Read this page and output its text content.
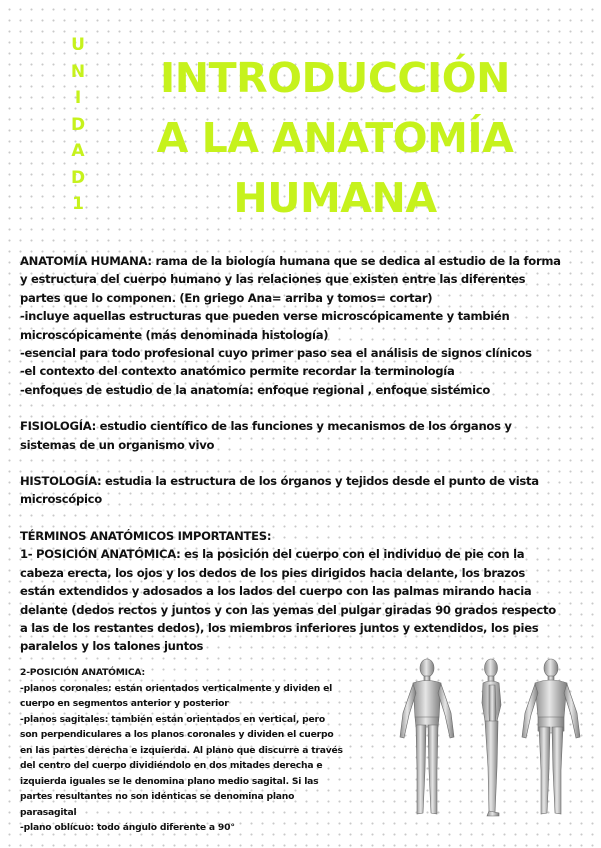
U
N
I
D
A
D
1
INTRODUCCIÓN
A LA ANATOMÍA
HUMANA

ANATOMÍA HUMANA: rama de la biología humana que se dedica al estudio de la forma

y estructura del cuerpo humano y las relaciones que existen entre las diferentes

partes que lo componen. (En griego Ana= arriba y tomos= cortar)

-incluye aquellas estructuras que pueden verse microscópicamente y también

microscópicamente (más denominada histología)

-esencial para todo profesional cuyo primer paso sea el análisis de signos clínicos

-el contexto del contexto anatómico permite recordar la terminología

-enfoques de estudio de la anatomía: enfoque regional , enfoque sistémico

FISIOLOGÍA: estudio científico de las funciones y mecanismos de los órganos y

sistemas de un organismo vivo

HISTOLOGÍA: estudia la estructura de los órganos y tejidos desde el punto de vista

microscópico

TÉRMINOS ANATÓMICOS IMPORTANTES:

1- POSICIÓN ANATÓMICA: es la posición del cuerpo con el individuo de pie con la

cabeza erecta, los ojos y los dedos de los pies dirigidos hacia delante, los brazos

están extendidos y adosados a los lados del cuerpo con las palmas mirando hacia

delante (dedos rectos y juntos y con las yemas del pulgar giradas 90 grados respecto

a las de los restantes dedos), los miembros inferiores juntos y extendidos, los pies

paralelos y los talones juntos

2-POSICIÓN ANATÓMICA:

-planos coronales: están orientados verticalmente y dividen el

cuerpo en segmentos anterior y posterior

-planos sagitales: también están orientados en vertical, pero

son perpendiculares a los planos coronales y dividen el cuerpo

en las partes derecha e izquierda. Al plano que discurre a través

del centro del cuerpo dividiéndolo en dos mitades derecha e

izquierda iguales se le denomina plano medio sagital. Si las

partes resultantes no son idénticas se denomina plano

parasagital

-plano oblícuo: todo ángulo diferente a 90°
